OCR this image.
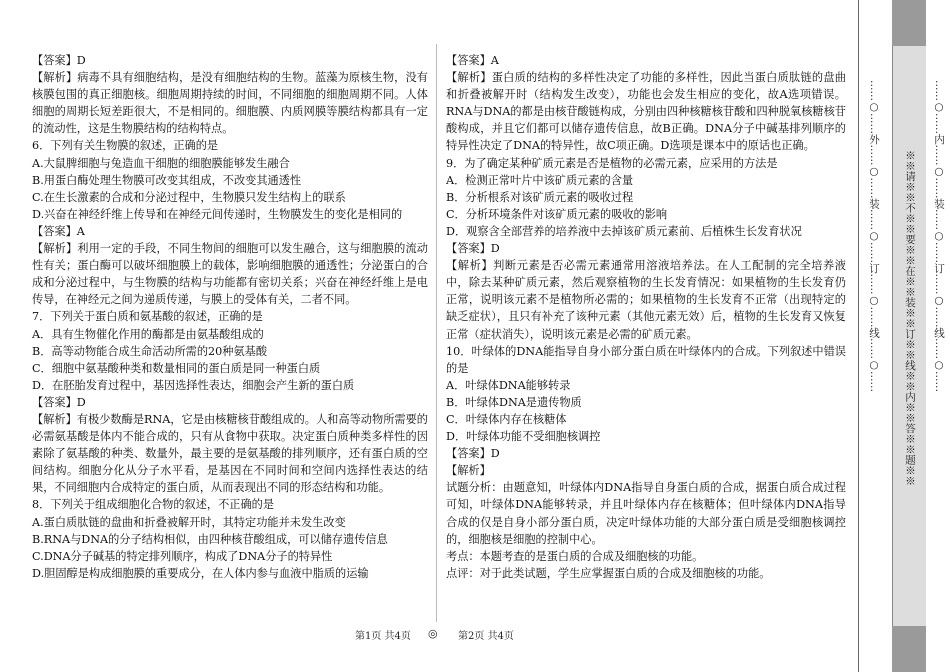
【答案】D

【解析】病毒不具有细胞结构，是没有细胞结构的生物。蓝藻为原核生物，没有核膜包围的真正细胞核。细胞周期持续的时间，不同细胞的细胞周期不同。人体细胞的周期长短差距很大，不是相同的。细胞膜、内质网膜等膜结构都具有一定的流动性，这是生物膜结构的结构特点。

6．下列有关生物膜的叙述，正确的是

A.大鼠脾细胞与兔造血干细胞的细胞膜能够发生融合

B.用蛋白酶处理生物膜可改变其组成，不改变其通透性

C.在生长激素的合成和分泌过程中，生物膜只发生结构上的联系

D.兴奋在神经纤维上传导和在神经元间传递时，生物膜发生的变化是相同的

【答案】A

【解析】利用一定的手段，不同生物间的细胞可以发生融合，这与细胞膜的流动性有关；蛋白酶可以破坏细胞膜上的载体，影响细胞膜的通透性；分泌蛋白的合成和分泌过程中，与生物膜的结构与功能都有密切关系；兴奋在神经纤维上是电传导，在神经元之间为递质传递，与膜上的受体有关，二者不同。

7．下列关于蛋白质和氨基酸的叙述，正确的是

A．具有生物催化作用的酶都是由氨基酸组成的

B．高等动物能合成生命活动所需的20种氨基酸

C．细胞中氨基酸种类和数量相同的蛋白质是同一种蛋白质

D．在胚胎发育过程中，基因选择性表达，细胞会产生新的蛋白质

【答案】D

【解析】有极少数酶是RNA，它是由核糖核苷酸组成的。人和高等动物所需要的必需氨基酸是体内不能合成的，只有从食物中获取。决定蛋白质种类多样性的因素除了氨基酸的种类、数量外，最主要的是氨基酸的排列顺序，还有蛋白质的空间结构。细胞分化从分子水平看，是基因在不同时间和空间内选择性表达的结果，不同细胞内合成特定的蛋白质，从而表现出不同的形态结构和功能。

8．下列关于组成细胞化合物的叙述，不正确的是

A.蛋白质肽链的盘曲和折叠被解开时，其特定功能并未发生改变

B.RNA与DNA的分子结构相似，由四种核苷酸组成，可以储存遗传信息

C.DNA分子碱基的特定排列顺序，构成了DNA分子的特异性

D.胆固醇是构成细胞膜的重要成分，在人体内参与血液中脂质的运输

【答案】A

【解析】蛋白质的结构的多样性决定了功能的多样性，因此当蛋白质肽链的盘曲和折叠被解开时（结构发生改变），功能也会发生相应的变化，故A选项错误。RNA与DNA的都是由核苷酸链构成，分别由四种核糖核苷酸和四种脱氧核糖核苷酸构成，并且它们都可以储存遗传信息，故B正确。DNA分子中碱基排列顺序的特异性决定了DNA的特异性，故C项正确。D选项是课本中的原话也正确。

9．为了确定某种矿质元素是否是植物的必需元素，应采用的方法是

A．检测正常叶片中该矿质元素的含量

B．分析根系对该矿质元素的吸收过程

C．分析环境条件对该矿质元素的吸收的影响

D．观察含全部营养的培养液中去掉该矿质元素前、后植株生长发育状况

【答案】D

【解析】判断元素是否必需元素通常用溶液培养法。在人工配制的完全培养液中，除去某种矿质元素，然后观察植物的生长发育情况：如果植物的生长发育仍正常，说明该元素不是植物所必需的；如果植物的生长发育不正常（出现特定的缺乏症状），且只有补充了该种元素（其他元素无效）后，植物的生长发育又恢复正常（症状消失），说明该元素是必需的矿质元素。

10．叶绿体的DNA能指导自身小部分蛋白质在叶绿体内的合成。下列叙述中错误的是

A．叶绿体DNA能够转录

B．叶绿体DNA是遗传物质

C．叶绿体内存在核糖体

D．叶绿体功能不受细胞核调控

【答案】D

【解析】

试题分析：由题意知，叶绿体内DNA指导自身蛋白质的合成，据蛋白质合成过程可知，叶绿体DNA能够转录，并且叶绿体内存在核糖体；但叶绿体内DNA指导合成的仅是自身小部分蛋白质，决定叶绿体功能的大部分蛋白质是受细胞核调控的，细胞核是细胞的控制中心。

考点：本题考查的是蛋白质的合成及细胞核的功能。

点评：对于此类试题，学生应掌握蛋白质的合成及细胞核的功能。

第1页 共4页 ◎ 第2页 共4页
……○……外……○……装……○……订……○……线……○…… ※※请※※不※※要※※在※※装※※订※※线※※内※※答※※题※※ ……○……内……○……装……○……订……○……线……○……
